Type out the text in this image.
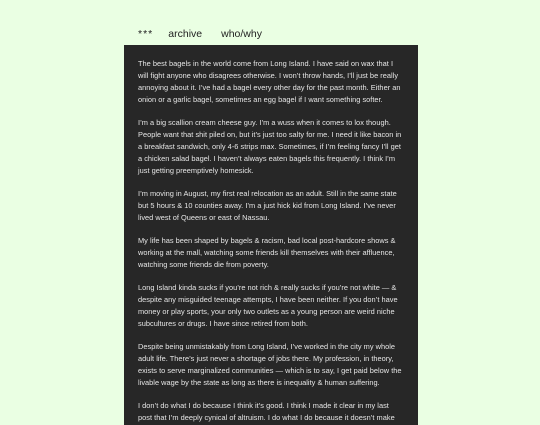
*** archive who/why

The best bagels in the world come from Long Island. I have said on wax that I will fight anyone who disagrees otherwise. I won’t throw hands, I’ll just be really annoying about it. I’ve had a bagel every other day for the past month. Either an onion or a garlic bagel, sometimes an egg bagel if I want something softer.

I’m a big scallion cream cheese guy. I’m a wuss when it comes to lox though. People want that shit piled on, but it’s just too salty for me. I need it like bacon in a breakfast sandwich, only 4-6 strips max. Sometimes, if I’m feeling fancy I’ll get a chicken salad bagel. I haven’t always eaten bagels this frequently. I think I’m just getting preemptively homesick.

I’m moving in August, my first real relocation as an adult. Still in the same state but 5 hours & 10 counties away. I’m a just hick kid from Long Island. I’ve never lived west of Queens or east of Nassau.

My life has been shaped by bagels & racism, bad local post-hardcore shows & working at the mall, watching some friends kill themselves with their affluence, watching some friends die from poverty.

Long Island kinda sucks if you’re not rich & really sucks if you’re not white — & despite any misguided teenage attempts, I have been neither. If you don’t have money or play sports, your only two outlets as a young person are weird niche subcultures or drugs. I have since retired from both.

Despite being unmistakably from Long Island, I’ve worked in the city my whole adult life. There’s just never a shortage of jobs there. My profession, in theory, exists to serve marginalized communities — which is to say, I get paid below the livable wage by the state as long as there is inequality & human suffering.

I don’t do what I do because I think it’s good. I think I made it clear in my last post that I’m deeply cynical of altruism. I do what I do because it doesn’t make
